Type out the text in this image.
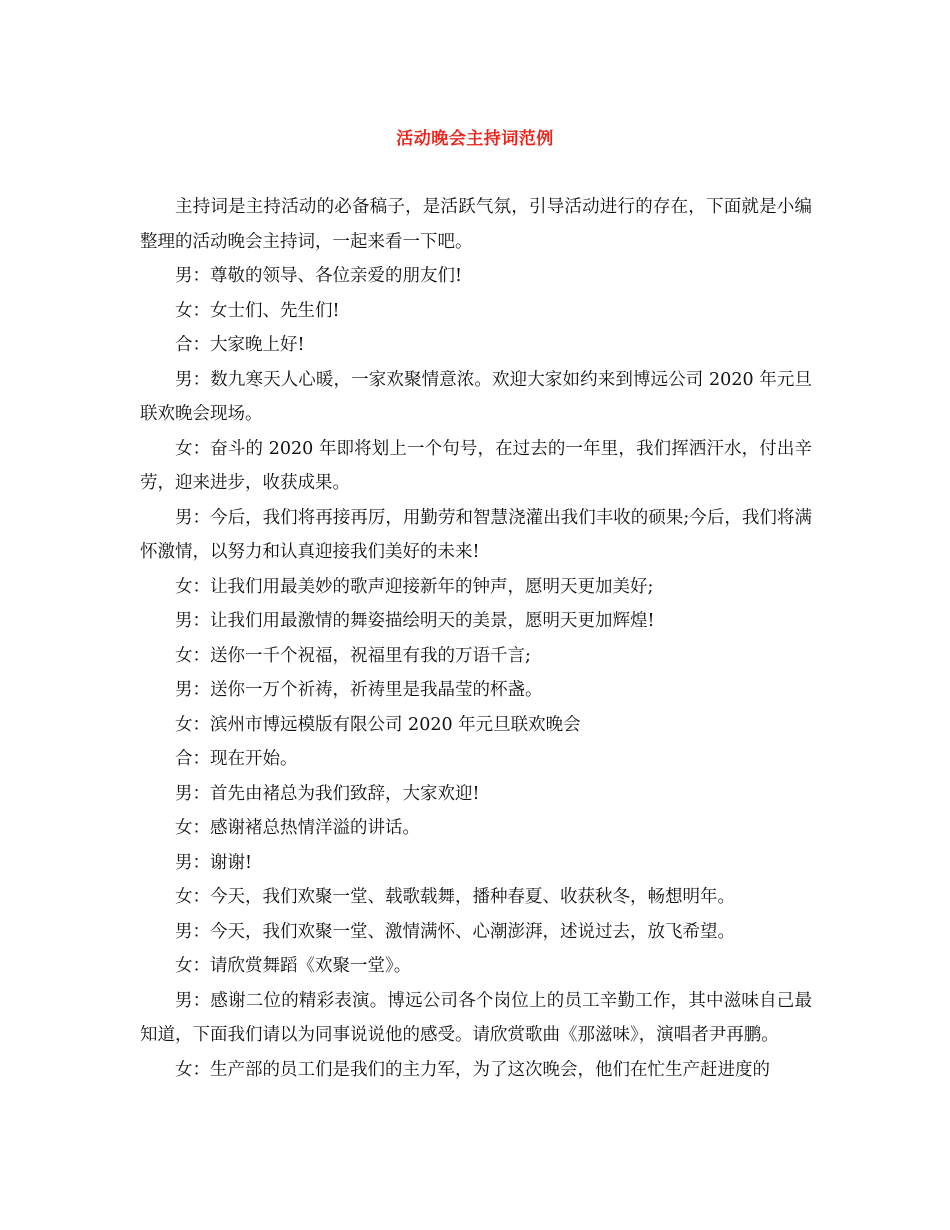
活动晚会主持词范例

主持词是主持活动的必备稿子，是活跃气氛，引导活动进行的存在，下面就是小编整理的活动晚会主持词，一起来看一下吧。

男：尊敬的领导、各位亲爱的朋友们!

女：女士们、先生们!

合：大家晚上好!

男：数九寒天人心暖，一家欢聚情意浓。欢迎大家如约来到博远公司 2020 年元旦联欢晚会现场。

女：奋斗的 2020 年即将划上一个句号，在过去的一年里，我们挥洒汗水，付出辛劳，迎来进步，收获成果。

男：今后，我们将再接再厉，用勤劳和智慧浇灌出我们丰收的硕果;今后，我们将满怀激情，以努力和认真迎接我们美好的未来!

女：让我们用最美妙的歌声迎接新年的钟声，愿明天更加美好;

男：让我们用最激情的舞姿描绘明天的美景，愿明天更加辉煌!

女：送你一千个祝福，祝福里有我的万语千言;

男：送你一万个祈祷，祈祷里是我晶莹的杯盏。

女：滨州市博远模版有限公司 2020 年元旦联欢晚会

合：现在开始。

男：首先由褚总为我们致辞，大家欢迎!

女：感谢褚总热情洋溢的讲话。

男：谢谢!

女：今天，我们欢聚一堂、载歌载舞，播种春夏、收获秋冬，畅想明年。

男：今天，我们欢聚一堂、激情满怀、心潮澎湃，述说过去，放飞希望。

女：请欣赏舞蹈《欢聚一堂》。

男：感谢二位的精彩表演。博远公司各个岗位上的员工辛勤工作，其中滋味自己最知道，下面我们请以为同事说说他的感受。请欣赏歌曲《那滋味》，演唱者尹再鹏。

女：生产部的员工们是我们的主力军，为了这次晚会，他们在忙生产赶进度的
